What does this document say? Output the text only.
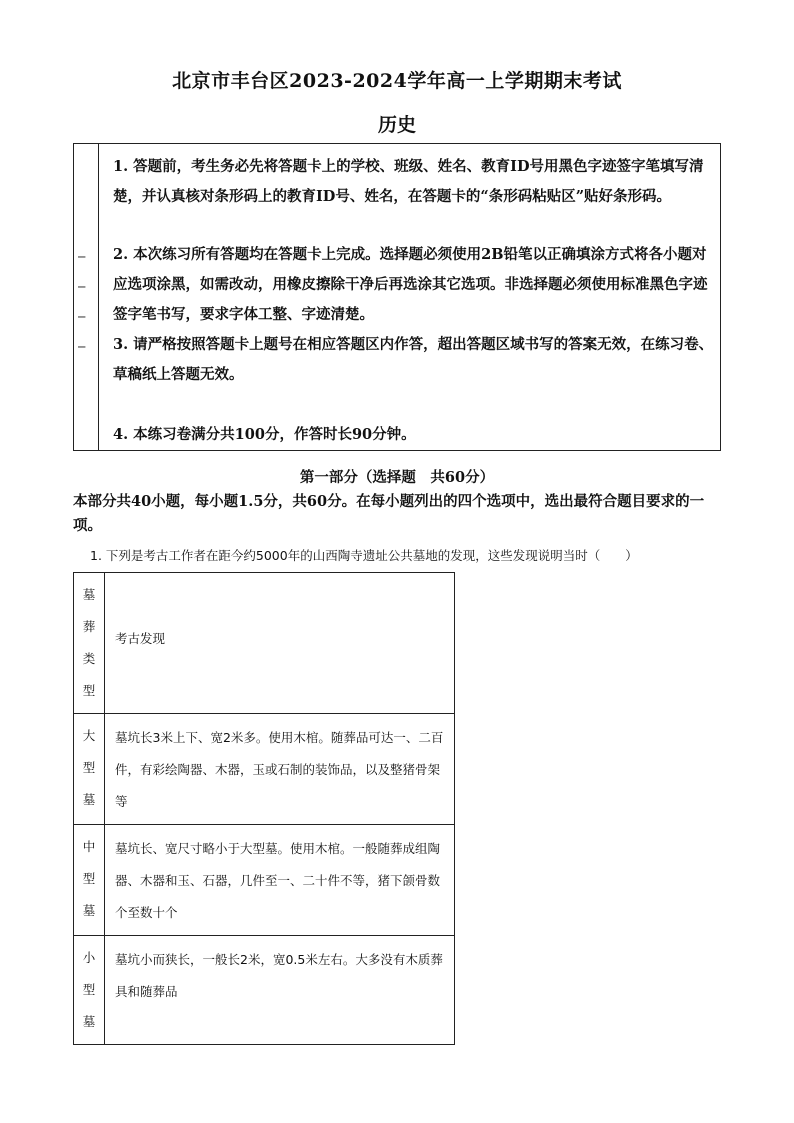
北京市丰台区2023-2024学年高一上学期期末考试
历史
─
─
─
─
1. 答题前，考生务必先将答题卡上的学校、班级、姓名、教育ID号用黑色字迹签字笔填写清楚，并认真核对条形码上的教育ID号、姓名，在答题卡的“条形码粘贴区”贴好条形码。
2. 本次练习所有答题均在答题卡上完成。选择题必须使用2B铅笔以正确填涂方式将各小题对应选项涂黑，如需改动，用橡皮擦除干净后再选涂其它选项。非选择题必须使用标准黑色字迹签字笔书写，要求字体工整、字迹清楚。
3. 请严格按照答题卡上题号在相应答题区内作答，超出答题区域书写的答案无效，在练习卷、草稿纸上答题无效。
4. 本练习卷满分共100分，作答时长90分钟。
第一部分（选择题　共60分）
本部分共40小题，每小题1.5分，共60分。在每小题列出的四个选项中，选出最符合题目要求的一项。
1. 下列是考古工作者在距今约5000年的山西陶寺遗址公共墓地的发现，这些发现说明当时（　　）
墓
葬
类
型	考古发现

大
型
墓	墓坑长3米上下、宽2米多。使用木棺。随葬品可达一、二百件，有彩绘陶器、木器，玉或石制的装饰品，以及整猪骨架等

中
型
墓	墓坑长、宽尺寸略小于大型墓。使用木棺。一般随葬成组陶器、木器和玉、石器，几件至一、二十件不等，猪下颌骨数个至数十个

小
型
墓	墓坑小而狭长，一般长2米，宽0.5米左右。大多没有木质葬具和随葬品
